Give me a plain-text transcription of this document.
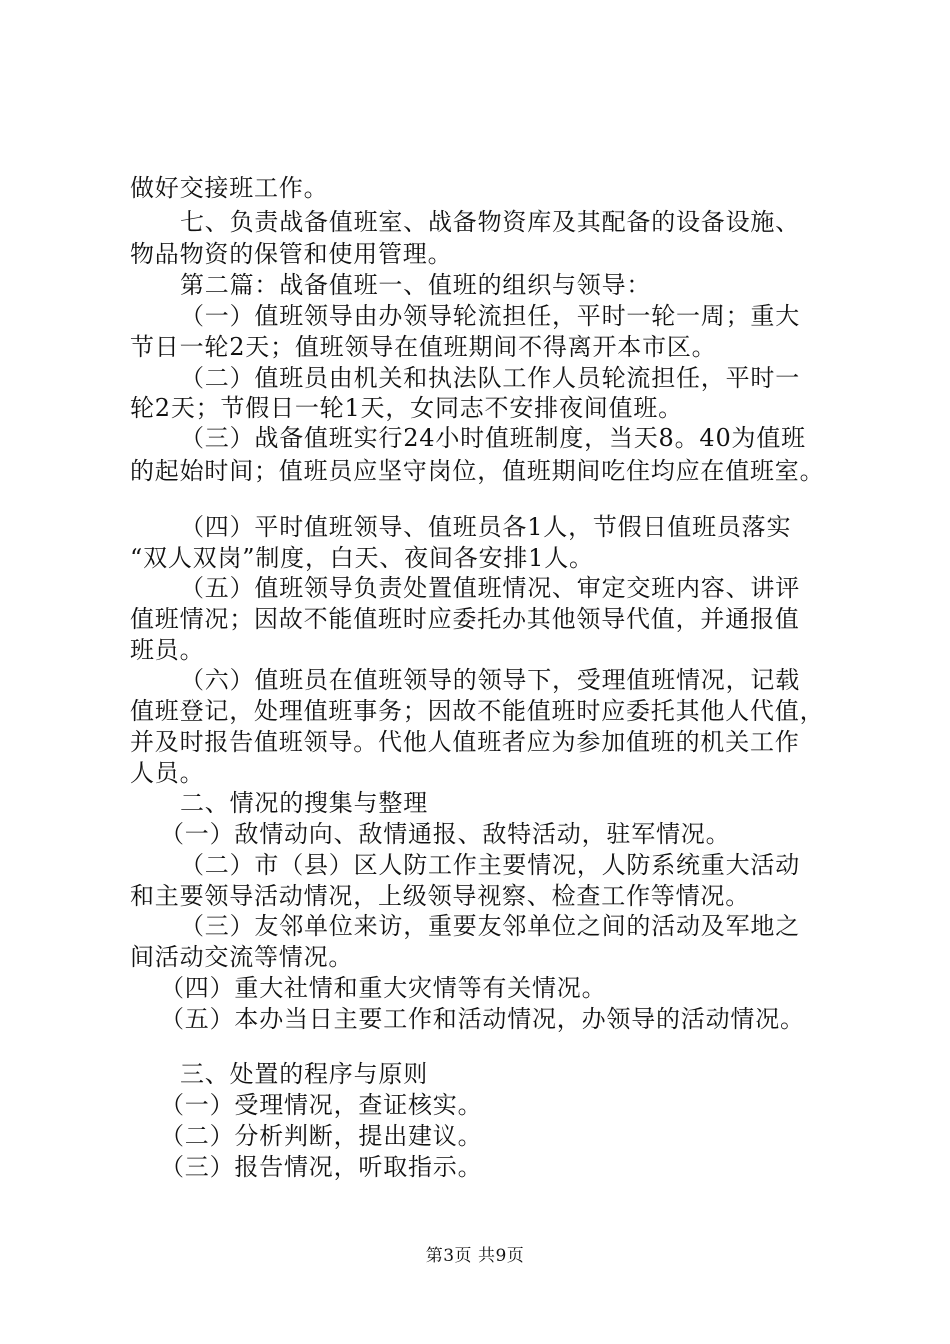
做好交接班工作。
七、负责战备值班室、战备物资库及其配备的设备设施、
物品物资的保管和使用管理。
第二篇：战备值班一、值班的组织与领导：
（一）值班领导由办领导轮流担任，平时一轮一周；重大
节日一轮2天；值班领导在值班期间不得离开本市区。
（二）值班员由机关和执法队工作人员轮流担任，平时一
轮2天；节假日一轮1天，女同志不安排夜间值班。
（三）战备值班实行24小时值班制度，当天8。40为值班
的起始时间；值班员应坚守岗位，值班期间吃住均应在值班室。
（四）平时值班领导、值班员各1人，节假日值班员落实
“双人双岗”制度，白天、夜间各安排1人。
（五）值班领导负责处置值班情况、审定交班内容、讲评
值班情况；因故不能值班时应委托办其他领导代值，并通报值
班员。
（六）值班员在值班领导的领导下，受理值班情况，记载
值班登记，处理值班事务；因故不能值班时应委托其他人代值，
并及时报告值班领导。代他人值班者应为参加值班的机关工作
人员。
二、情况的搜集与整理
（一）敌情动向、敌情通报、敌特活动，驻军情况。
（二）市（县）区人防工作主要情况，人防系统重大活动
和主要领导活动情况，上级领导视察、检查工作等情况。
（三）友邻单位来访，重要友邻单位之间的活动及军地之
间活动交流等情况。
（四）重大社情和重大灾情等有关情况。
（五）本办当日主要工作和活动情况，办领导的活动情况。
三、处置的程序与原则
（一）受理情况，查证核实。
（二）分析判断，提出建议。
（三）报告情况，听取指示。
第3页 共9页
